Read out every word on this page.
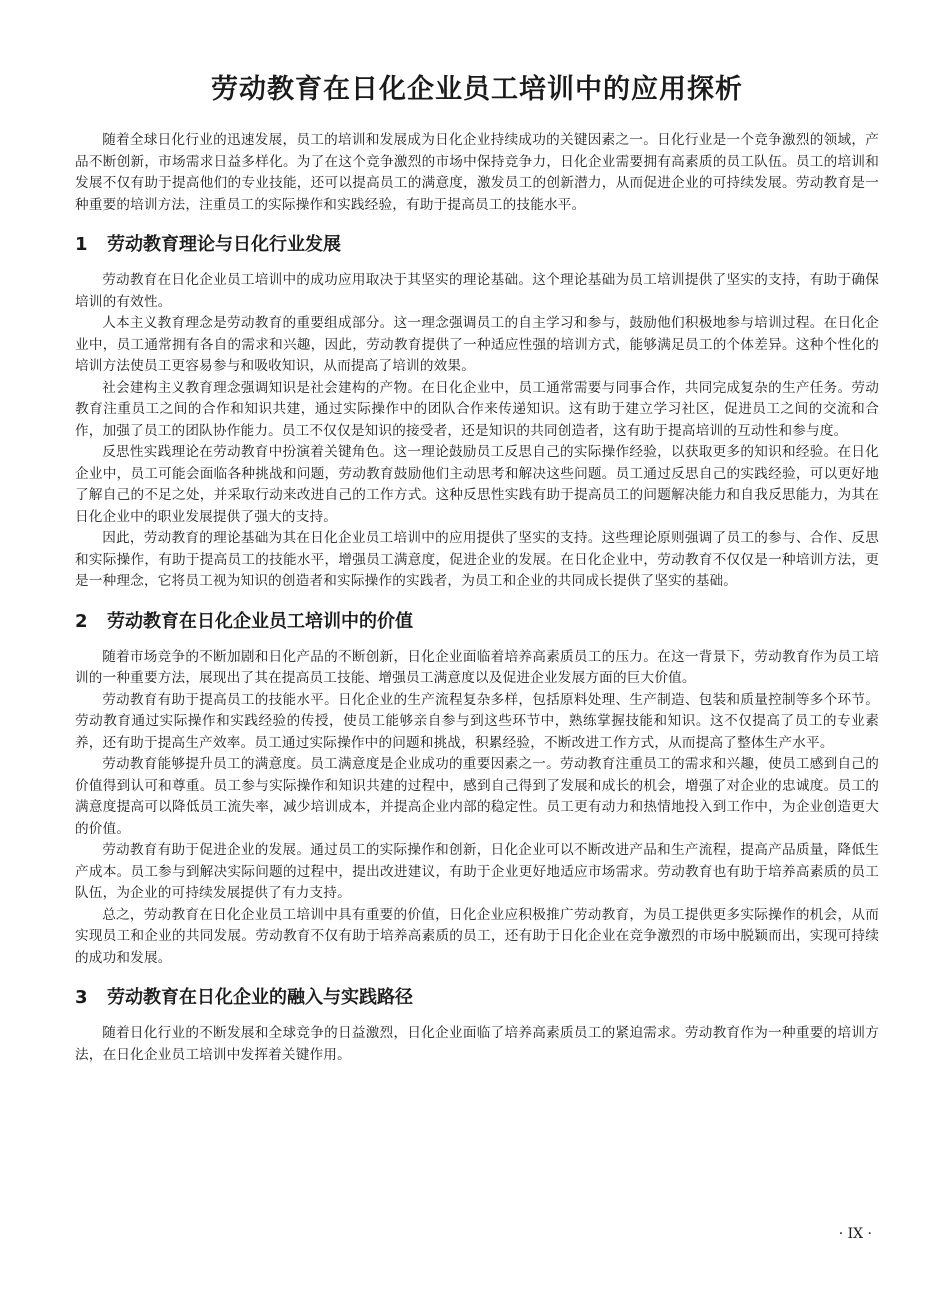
劳动教育在日化企业员工培训中的应用探析

随着全球日化行业的迅速发展，员工的培训和发展成为日化企业持续成功的关键因素之一。日化行业是一个竞争激烈的领域，产品不断创新，市场需求日益多样化。为了在这个竞争激烈的市场中保持竞争力，日化企业需要拥有高素质的员工队伍。员工的培训和发展不仅有助于提高他们的专业技能，还可以提高员工的满意度，激发员工的创新潜力，从而促进企业的可持续发展。劳动教育是一种重要的培训方法，注重员工的实际操作和实践经验，有助于提高员工的技能水平。

1 劳动教育理论与日化行业发展

劳动教育在日化企业员工培训中的成功应用取决于其坚实的理论基础。这个理论基础为员工培训提供了坚实的支持，有助于确保培训的有效性。

人本主义教育理念是劳动教育的重要组成部分。这一理念强调员工的自主学习和参与，鼓励他们积极地参与培训过程。在日化企业中，员工通常拥有各自的需求和兴趣，因此，劳动教育提供了一种适应性强的培训方式，能够满足员工的个体差异。这种个性化的培训方法使员工更容易参与和吸收知识，从而提高了培训的效果。

社会建构主义教育理念强调知识是社会建构的产物。在日化企业中，员工通常需要与同事合作，共同完成复杂的生产任务。劳动教育注重员工之间的合作和知识共建，通过实际操作中的团队合作来传递知识。这有助于建立学习社区，促进员工之间的交流和合作，加强了员工的团队协作能力。员工不仅仅是知识的接受者，还是知识的共同创造者，这有助于提高培训的互动性和参与度。

反思性实践理论在劳动教育中扮演着关键角色。这一理论鼓励员工反思自己的实际操作经验，以获取更多的知识和经验。在日化企业中，员工可能会面临各种挑战和问题，劳动教育鼓励他们主动思考和解决这些问题。员工通过反思自己的实践经验，可以更好地了解自己的不足之处，并采取行动来改进自己的工作方式。这种反思性实践有助于提高员工的问题解决能力和自我反思能力，为其在日化企业中的职业发展提供了强大的支持。

因此，劳动教育的理论基础为其在日化企业员工培训中的应用提供了坚实的支持。这些理论原则强调了员工的参与、合作、反思和实际操作，有助于提高员工的技能水平，增强员工满意度，促进企业的发展。在日化企业中，劳动教育不仅仅是一种培训方法，更是一种理念，它将员工视为知识的创造者和实际操作的实践者，为员工和企业的共同成长提供了坚实的基础。

2 劳动教育在日化企业员工培训中的价值

随着市场竞争的不断加剧和日化产品的不断创新，日化企业面临着培养高素质员工的压力。在这一背景下，劳动教育作为员工培训的一种重要方法，展现出了其在提高员工技能、增强员工满意度以及促进企业发展方面的巨大价值。

劳动教育有助于提高员工的技能水平。日化企业的生产流程复杂多样，包括原料处理、生产制造、包装和质量控制等多个环节。劳动教育通过实际操作和实践经验的传授，使员工能够亲自参与到这些环节中，熟练掌握技能和知识。这不仅提高了员工的专业素养，还有助于提高生产效率。员工通过实际操作中的问题和挑战，积累经验，不断改进工作方式，从而提高了整体生产水平。

劳动教育能够提升员工的满意度。员工满意度是企业成功的重要因素之一。劳动教育注重员工的需求和兴趣，使员工感到自己的价值得到认可和尊重。员工参与实际操作和知识共建的过程中，感到自己得到了发展和成长的机会，增强了对企业的忠诚度。员工的满意度提高可以降低员工流失率，减少培训成本，并提高企业内部的稳定性。员工更有动力和热情地投入到工作中，为企业创造更大的价值。

劳动教育有助于促进企业的发展。通过员工的实际操作和创新，日化企业可以不断改进产品和生产流程，提高产品质量，降低生产成本。员工参与到解决实际问题的过程中，提出改进建议，有助于企业更好地适应市场需求。劳动教育也有助于培养高素质的员工队伍，为企业的可持续发展提供了有力支持。

总之，劳动教育在日化企业员工培训中具有重要的价值，日化企业应积极推广劳动教育，为员工提供更多实际操作的机会，从而实现员工和企业的共同发展。劳动教育不仅有助于培养高素质的员工，还有助于日化企业在竞争激烈的市场中脱颖而出，实现可持续的成功和发展。

3 劳动教育在日化企业的融入与实践路径

随着日化行业的不断发展和全球竞争的日益激烈，日化企业面临了培养高素质员工的紧迫需求。劳动教育作为一种重要的培训方法，在日化企业员工培训中发挥着关键作用。

· IX ·
